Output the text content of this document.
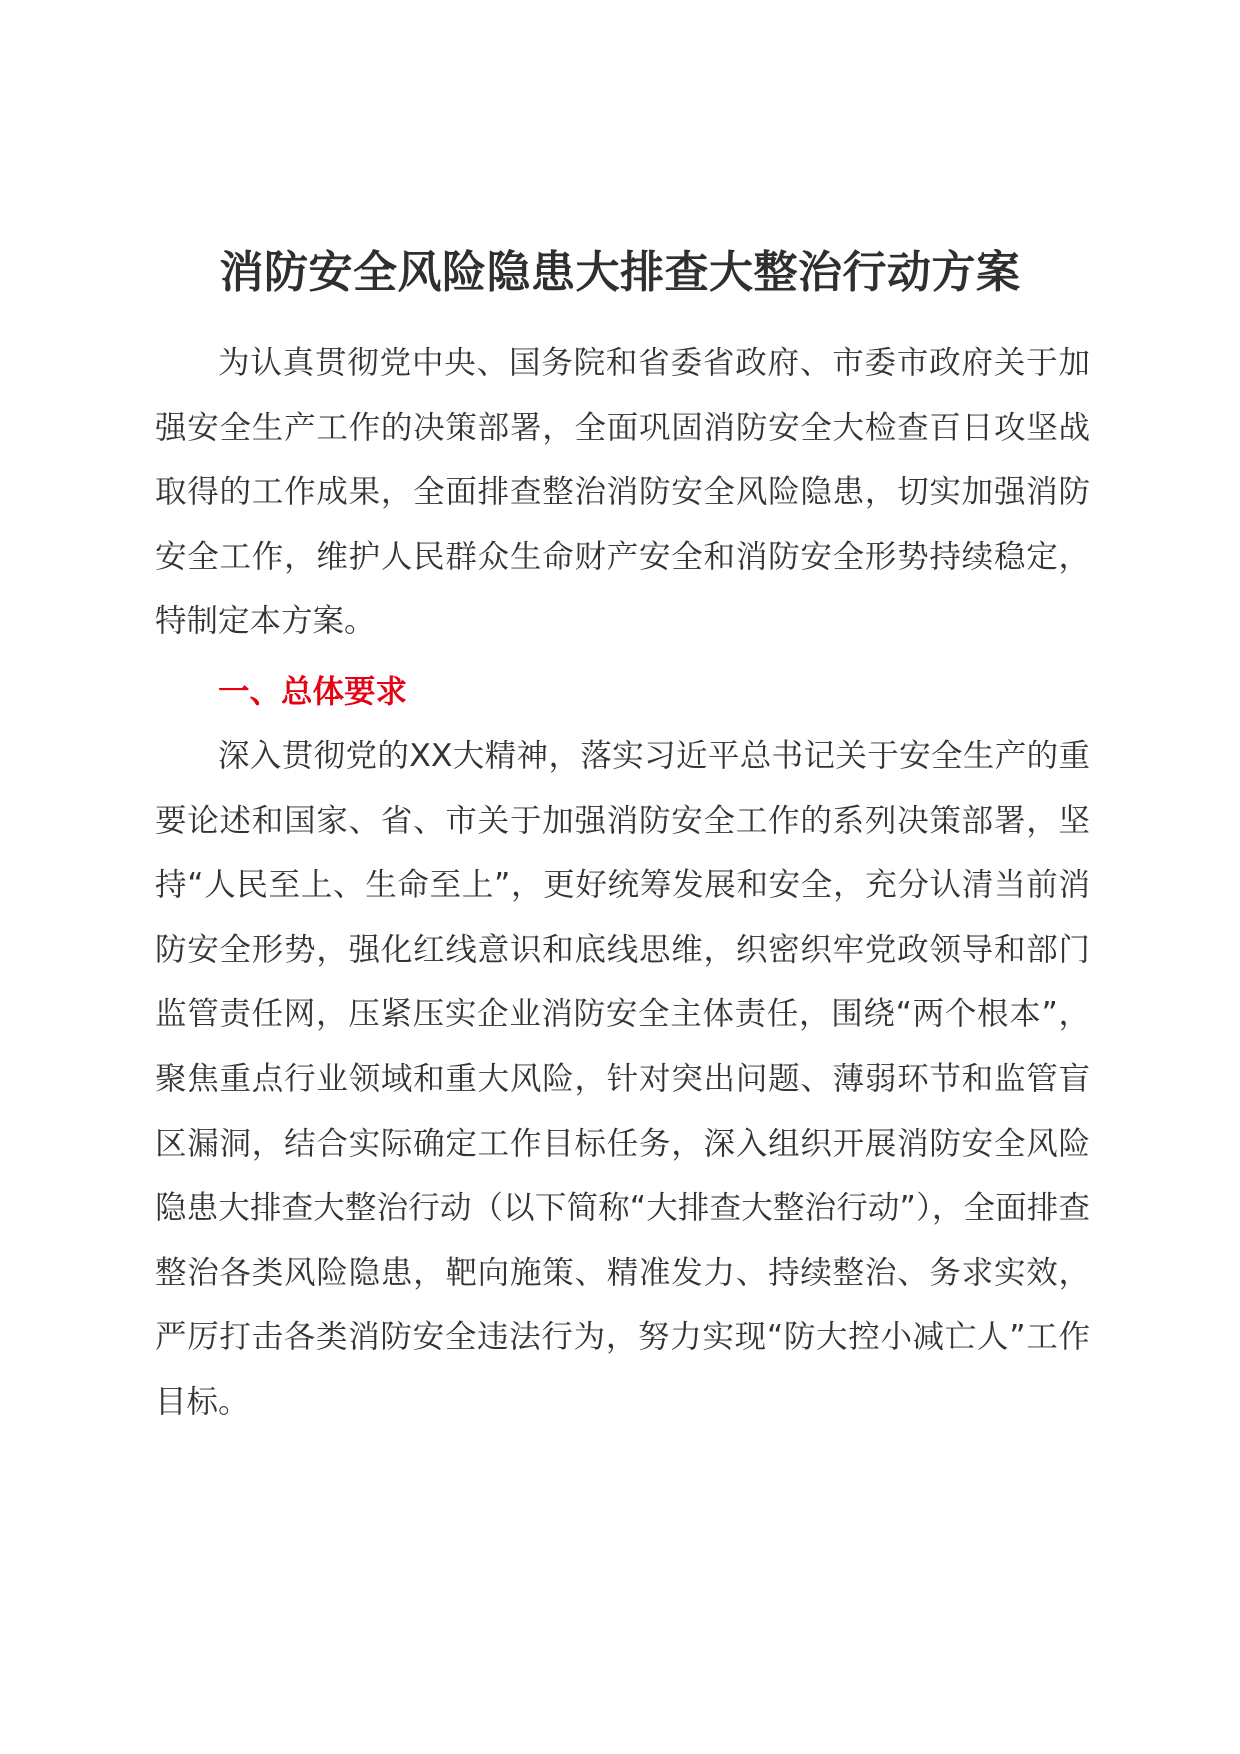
消防安全风险隐患大排查大整治行动方案

为认真贯彻党中央、国务院和省委省政府、市委市政府关于加强安全生产工作的决策部署，全面巩固消防安全大检查百日攻坚战取得的工作成果，全面排查整治消防安全风险隐患，切实加强消防安全工作，维护人民群众生命财产安全和消防安全形势持续稳定，特制定本方案。

一、总体要求

深入贯彻党的XX大精神，落实习近平总书记关于安全生产的重要论述和国家、省、市关于加强消防安全工作的系列决策部署，坚持“人民至上、生命至上”，更好统筹发展和安全，充分认清当前消防安全形势，强化红线意识和底线思维，织密织牢党政领导和部门监管责任网，压紧压实企业消防安全主体责任，围绕“两个根本”，聚焦重点行业领域和重大风险，针对突出问题、薄弱环节和监管盲区漏洞，结合实际确定工作目标任务，深入组织开展消防安全风险隐患大排查大整治行动（以下简称“大排查大整治行动”），全面排查整治各类风险隐患，靶向施策、精准发力、持续整治、务求实效，严厉打击各类消防安全违法行为，努力实现“防大控小减亡人”工作目标。
